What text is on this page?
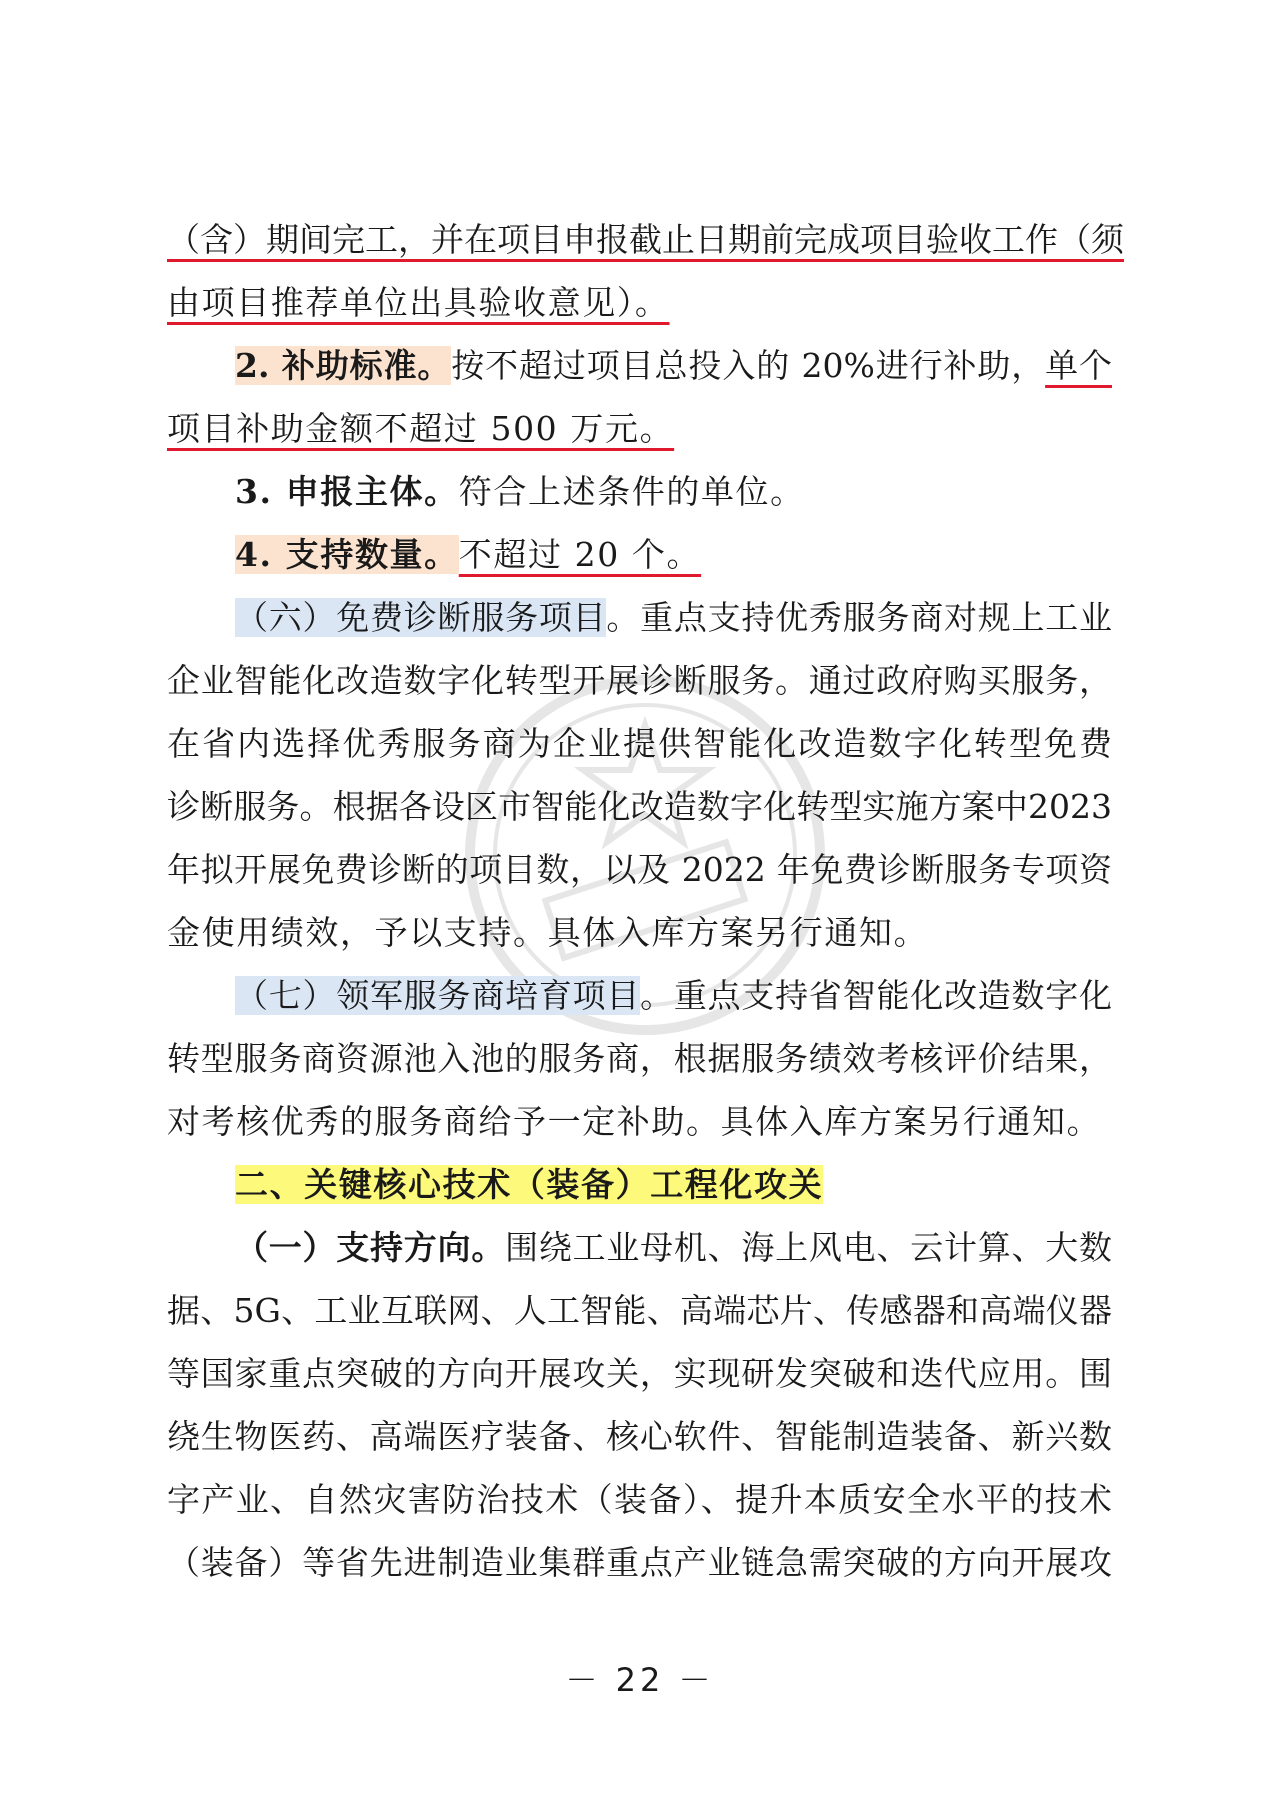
（含）期间完工，并在项目申报截止日期前完成项目验收工作（须
由项目推荐单位出具验收意见）。
2. 补助标准。按不超过项目总投入的 20%进行补助，单个
项目补助金额不超过 500 万元。
3. 申报主体。符合上述条件的单位。
4. 支持数量。不超过 20 个。
（六）免费诊断服务项目。重点支持优秀服务商对规上工业
企业智能化改造数字化转型开展诊断服务。通过政府购买服务，
在省内选择优秀服务商为企业提供智能化改造数字化转型免费
诊断服务。根据各设区市智能化改造数字化转型实施方案中2023
年拟开展免费诊断的项目数，以及 2022 年免费诊断服务专项资
金使用绩效，予以支持。具体入库方案另行通知。
（七）领军服务商培育项目。重点支持省智能化改造数字化
转型服务商资源池入池的服务商，根据服务绩效考核评价结果，
对考核优秀的服务商给予一定补助。具体入库方案另行通知。
二、关键核心技术（装备）工程化攻关
（一）支持方向。围绕工业母机、海上风电、云计算、大数
据、5G、工业互联网、人工智能、高端芯片、传感器和高端仪器
等国家重点突破的方向开展攻关，实现研发突破和迭代应用。围
绕生物医药、高端医疗装备、核心软件、智能制造装备、新兴数
字产业、自然灾害防治技术（装备）、提升本质安全水平的技术
（装备）等省先进制造业集群重点产业链急需突破的方向开展攻
－ 22 －
